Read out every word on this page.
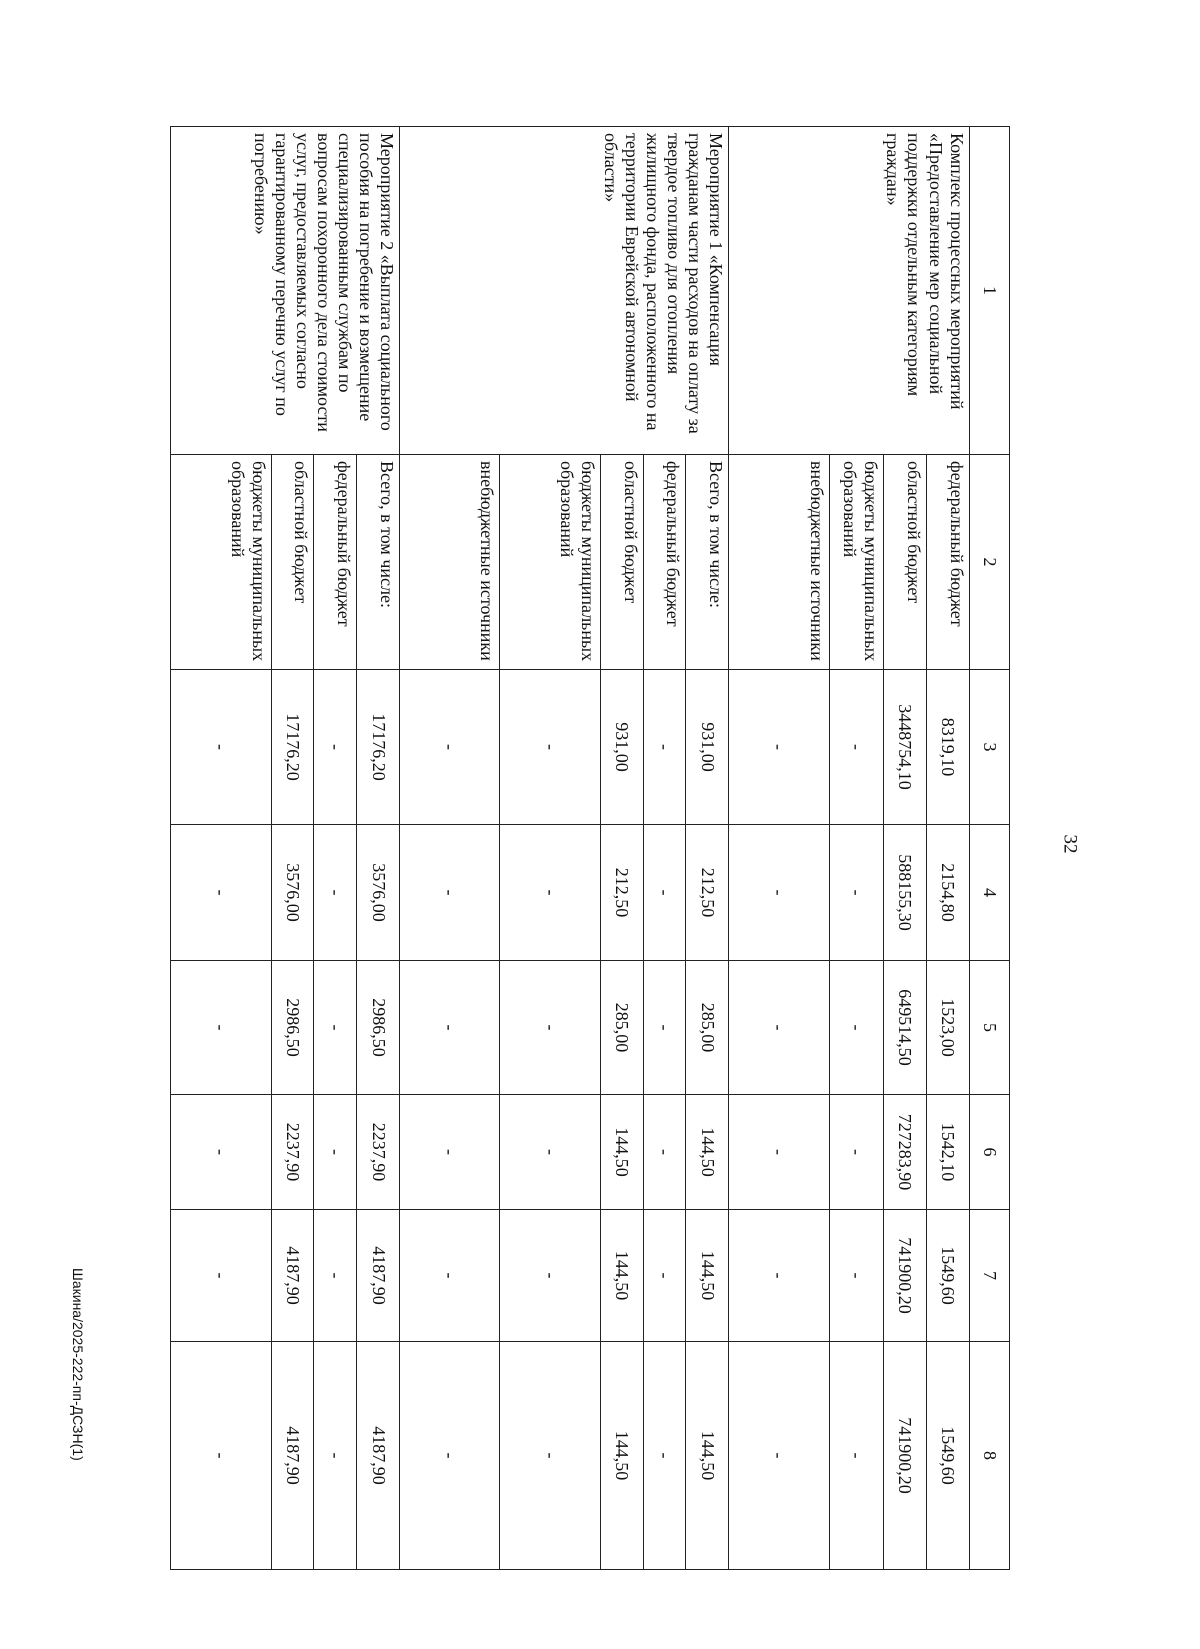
32
1	2	3	4	5	6	7	8
Комплекс процессных мероприятий «Предоставление мер социальной поддержки отдельным категориям граждан»	федеральный бюджет	8319,10	2154,80	1523,00	1542,10	1549,60	1549,60
	областной бюджет	3448754,10	588155,30	649514,50	727283,90	741900,20	741900,20
	бюджеты муниципальных образований	-	-	-	-	-	-
	внебюджетные источники	-	-	-	-	-	-
Мероприятие 1 «Компенсация гражданам части расходов на оплату за твердое топливо для отопления жилищного фонда, расположенного на территории Еврейской автономной области»	Всего, в том числе:	931,00	212,50	285,00	144,50	144,50	144,50
	федеральный бюджет	-	-	-	-	-	-
	областной бюджет	931,00	212,50	285,00	144,50	144,50	144,50
	бюджеты муниципальных образований	-	-	-	-	-	-
	внебюджетные источники	-	-	-	-	-	-
Мероприятие 2 «Выплата социального пособия на погребение и возмещение специализированным службам по вопросам похоронного дела стоимости услуг, предоставляемых согласно гарантированному перечню услуг по погребению»	Всего, в том числе:	17176,20	3576,00	2986,50	2237,90	4187,90	4187,90
	федеральный бюджет	-	-	-	-	-	-
	областной бюджет	17176,20	3576,00	2986,50	2237,90	4187,90	4187,90
	бюджеты муниципальных образований	-	-	-	-	-	-
Шакина/2025-222-пп-ДСЗН(1)
